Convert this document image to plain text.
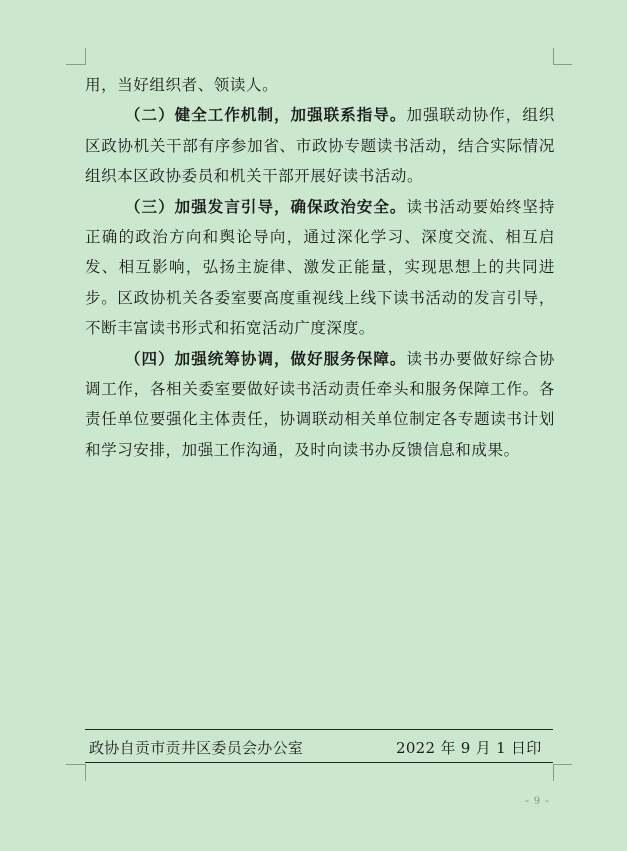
用，当好组织者、领读人。

（二）健全工作机制，加强联系指导。加强联动协作，组织区政协机关干部有序参加省、市政协专题读书活动，结合实际情况组织本区政协委员和机关干部开展好读书活动。

（三）加强发言引导，确保政治安全。读书活动要始终坚持正确的政治方向和舆论导向，通过深化学习、深度交流、相互启发、相互影响，弘扬主旋律、激发正能量，实现思想上的共同进步。区政协机关各委室要高度重视线上线下读书活动的发言引导，不断丰富读书形式和拓宽活动广度深度。

（四）加强统筹协调，做好服务保障。读书办要做好综合协调工作，各相关委室要做好读书活动责任牵头和服务保障工作。各责任单位要强化主体责任，协调联动相关单位制定各专题读书计划和学习安排，加强工作沟通，及时向读书办反馈信息和成果。

政协自贡市贡井区委员会办公室	2022 年 9 月 1 日印
- 9 -
